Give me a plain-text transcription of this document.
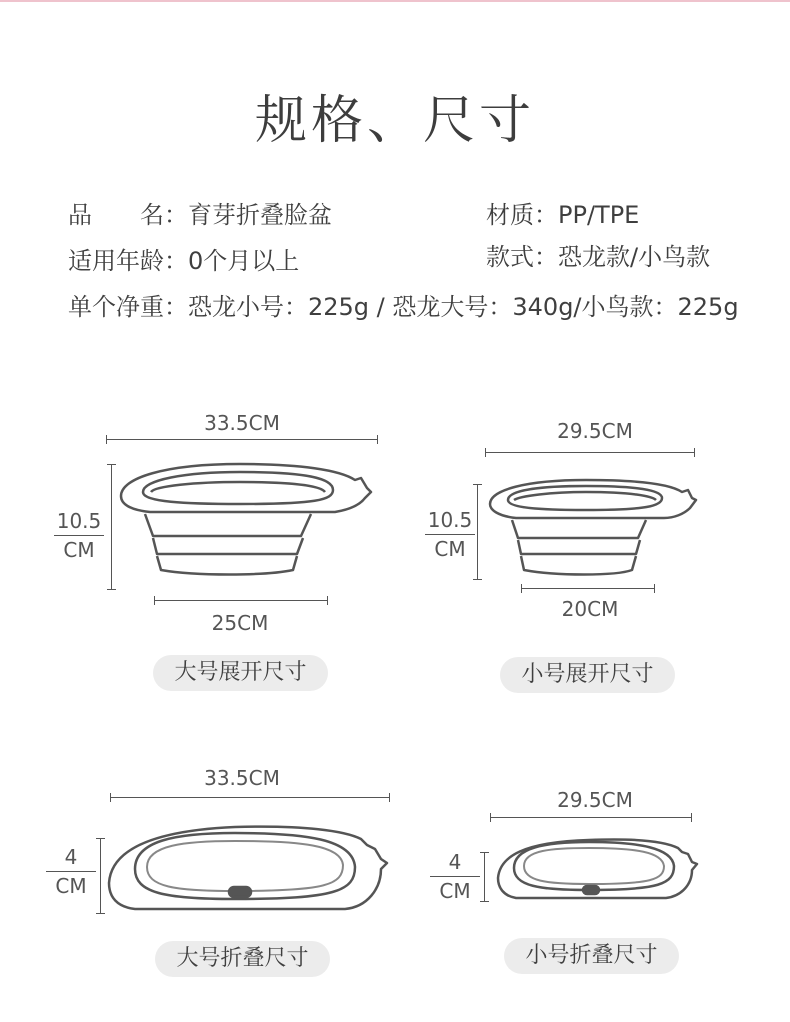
规格、尺寸
品　　名：育芽折叠脸盆	材质：PP/TPE
适用年龄：0个月以上	款式：恐龙款/小鸟款
单个净重：恐龙小号：225g / 恐龙大号：340g/小鸟款：225g
33.5CM
$\frac{10.5}{CM}$
25CM
大号展开尺寸
29.5CM
$\frac{10.5}{CM}$
20CM
小号展开尺寸
33.5CM
$\frac{4}{CM}$
大号折叠尺寸
29.5CM
$\frac{4}{CM}$
小号折叠尺寸
